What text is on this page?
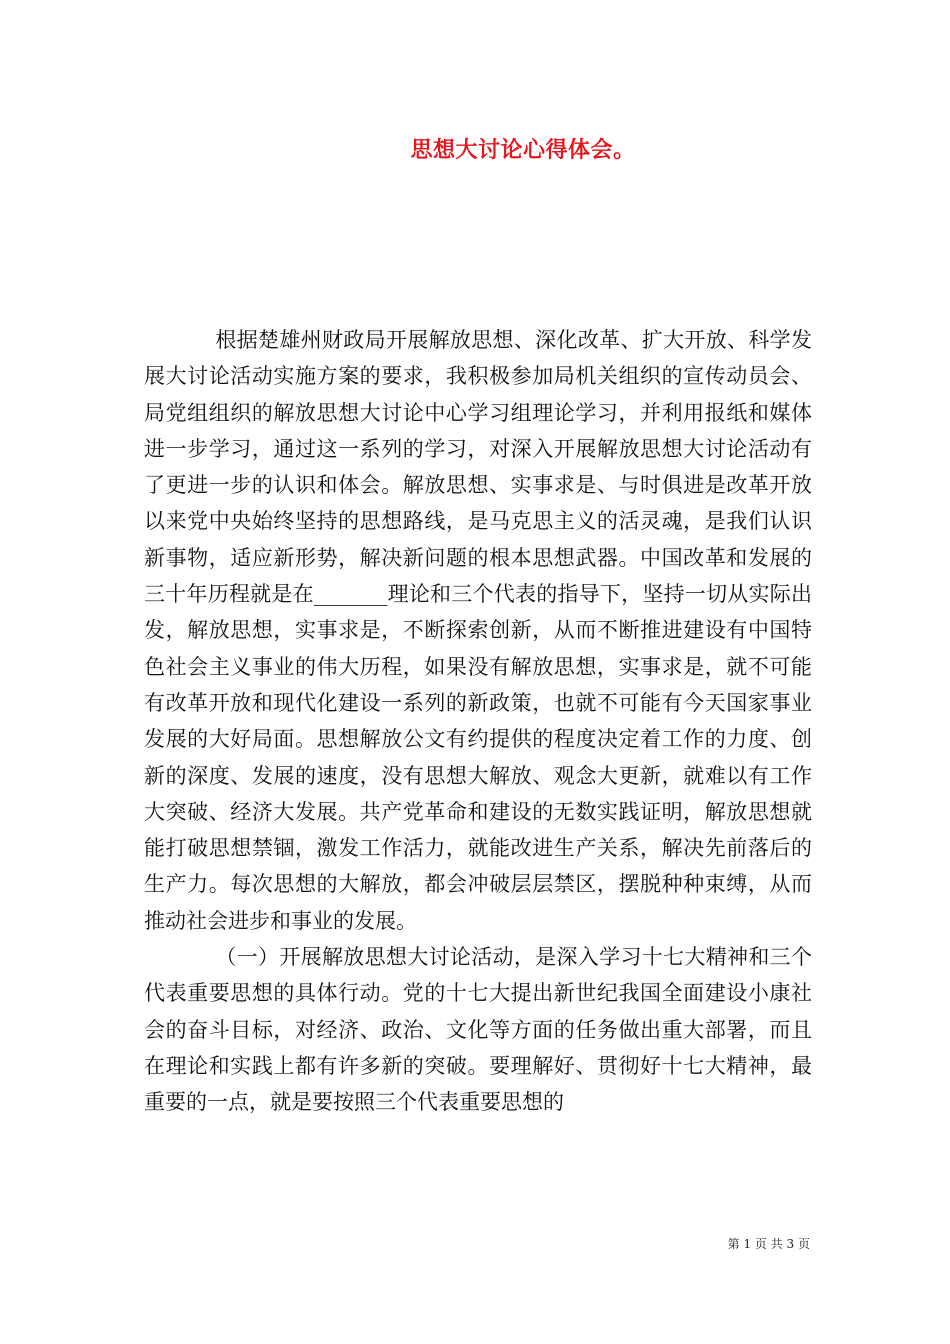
思想大讨论心得体会。

根据楚雄州财政局开展解放思想、深化改革、扩大开放、科学发展大讨论活动实施方案的要求，我积极参加局机关组织的宣传动员会、局党组组织的解放思想大讨论中心学习组理论学习，并利用报纸和媒体进一步学习，通过这一系列的学习，对深入开展解放思想大讨论活动有了更进一步的认识和体会。解放思想、实事求是、与时俱进是改革开放以来党中央始终坚持的思想路线，是马克思主义的活灵魂，是我们认识新事物，适应新形势，解决新问题的根本思想武器。中国改革和发展的三十年历程就是在_______理论和三个代表的指导下，坚持一切从实际出发，解放思想，实事求是，不断探索创新，从而不断推进建设有中国特色社会主义事业的伟大历程，如果没有解放思想，实事求是，就不可能有改革开放和现代化建设一系列的新政策，也就不可能有今天国家事业发展的大好局面。思想解放公文有约提供的程度决定着工作的力度、创新的深度、发展的速度，没有思想大解放、观念大更新，就难以有工作大突破、经济大发展。共产党革命和建设的无数实践证明，解放思想就能打破思想禁锢，激发工作活力，就能改进生产关系，解决先前落后的生产力。每次思想的大解放，都会冲破层层禁区，摆脱种种束缚，从而推动社会进步和事业的发展。

（一）开展解放思想大讨论活动，是深入学习十七大精神和三个代表重要思想的具体行动。党的十七大提出新世纪我国全面建设小康社会的奋斗目标，对经济、政治、文化等方面的任务做出重大部署，而且在理论和实践上都有许多新的突破。要理解好、贯彻好十七大精神，最重要的一点，就是要按照三个代表重要思想的

第 1 页 共 3 页
